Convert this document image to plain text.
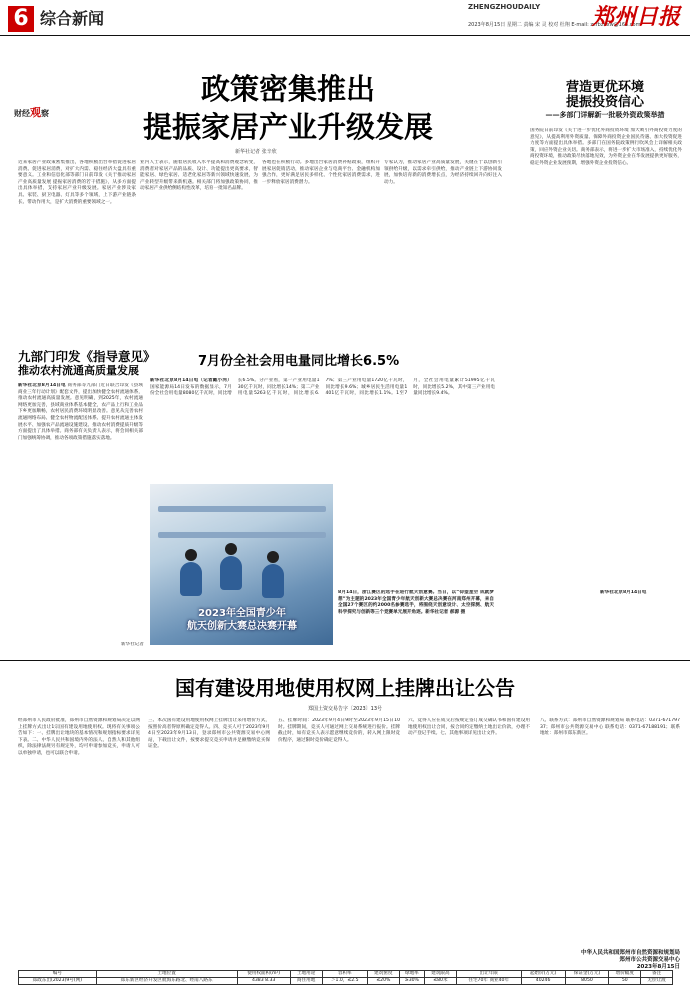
6 综合新闻
ZHENGZHOUDAILY
2023年8月15日 星期二 责编 宋 灵 校对 杜翔 E-mail: zzrbzhxw@163.com
郑州日报
财经观察
政策密集推出
提振家居产业升级发展
新华社记者 张辛欣
近来家居产业政策密集推出，各地积极出台举措促进家居消费。促进家居消费，对扩大内需、稳住经济大盘具有重要意义。工业和信息化部等部门日前印发《关于推动家居产业高质量发展 提振家居消费的若干措施》，从多方面提出具体举措，支持家居产业升级发展。家居产业涉及家具、家装、厨卫电器、灯具等多个领域，上下游产业链条长、带动作用大，是扩大消费的重要领域之一。
业内人士表示，随着居民收入水平提高和消费观念转变，消费者对家居产品的品质、设计、功能提出更高要求，智能家居、绿色家居、适老化家居等新兴领域快速发展，为产业转型升级带来新机遇。相关部门将加强政策协同，推动家居产业供给侧结构性改革，培育一批知名品牌。
各地也在积极行动。多地出台家居消费补贴政策，组织开展家居促销活动，推动家居企业与电商平台、金融机构加强合作，更好满足居民多样化、个性化家居消费需求，进一步释放家居消费潜力。
专家认为，推动家居产业高质量发展，关键在于以创新引领供给升级，以需求牵引供给，推动产业链上下游协同发展，加快培育新的消费增长点，为经济持续回升向好注入动力。
营造更优环境
提振投资信心
——多部门详解新一批吸外资政策举措
国务院日前印发《关于进一步优化外商投资环境 加大吸引外商投资力度的意见》，从提高利用外资质量、保障外商投资企业国民待遇、加大投资促进力度等方面提出具体举措。多部门在国务院政策例行吹风会上详解相关政策，回应外资企业关切。商务部表示，将进一步扩大市场准入，持续优化外商投资环境，推动政策尽快落地见效，为外资企业在华发展提供更好服务，稳定外资企业发展预期，增强外资企业投资信心。
新华社北京8月14日电
九部门印发《指导意见》
推动农村流通高质量发展
新华社北京8月14日电 商务部等九部门近日联合印发《县域商业三年行动计划》配套文件，提出加快健全农村流通体系，推动农村流通高质量发展。意见明确，到2025年，农村流通网络更加完善，县域商业体系基本健全，农产品上行和工业品下乡更加顺畅，农村居民消费环境明显改善。意见从完善农村流通网络布局、健全农村物流配送体系、提升农村流通主体发展水平、加强农产品流通设施建设、推动农村消费提质升级等方面提出了具体举措。商务部有关负责人表示，将会同相关部门加强统筹协调，推动各项政策措施落实落地。
新华社记者
7月份全社会用电量同比增长6.5%
新华社北京8月14日电（记者戴小河）国家能源局14日发布的数据显示，7月份全社会用电量8080亿千瓦时，同比增长6.5%。分产业看，第一产业用电量130亿千瓦时，同比增长14%；第二产业用电量5263亿千瓦时，同比增长6.7%；第三产业用电量1720亿千瓦时，同比增长9.6%；城乡居民生活用电量1401亿千瓦时，同比增长1.1%。1至7月，全社会用电量累计51995亿千瓦时，同比增长5.2%，其中第三产业用电量同比增长9.4%。
2023年全国青少年
航天创新大赛总决赛开幕
8月14日，浙江赛区的选手在进行航天创意赛。当日，以“仰望星空 成就梦想”为主题的2023年全国青少年航天创新大赛总决赛在河南郑州开幕，来自全国27个赛区的约2000名参赛选手，将围绕天创意设计、太空探测、航天科学探究与创新等三个竞赛单元展开角逐。新华社记者 郝源 摄
国有建设用地使用权网上挂牌出让公告
郑国土资交易告字〔2023〕13号
经郑州市人民政府批准，郑州市自然资源和规划局决定以网上挂牌方式出让1宗国有建设用地使用权。现将有关事项公告如下：一、挂牌出让地块的基本情况和规划指标要求详见下表。二、中华人民共和国境内外的法人、自然人和其他组织，除法律法规另有规定外，均可申请参加竞买，申请人可以单独申请，也可以联合申请。
三、本次国有建设用地使用权网上挂牌出让采用增价方式，按照价高者得原则确定竞得人。四、竞买人可于2023年9月4日至2023年9月13日，登录郑州市公共资源交易中心网站，下载出让文件，按要求提交竞买申请并足额缴纳竞买保证金。
五、挂牌时间：2023年9月4日9时至2023年9月15日10时。挂牌期间，竞买人可通过网上交易系统进行报价。挂牌截止时，如有竞买人表示愿意继续竞价的，转入网上限时竞价程序，通过限时竞价确定竞得人。
六、竞得人应在成交后按规定签订成交确认书和国有建设用地使用权出让合同，按合同约定缴纳土地出让价款，办理不动产登记手续。七、其他事项详见出让文件。
八、联系方式：郑州市自然资源和规划局 联系电话：0371-67179737；郑州市公共资源交易中心 联系电话：0371-67188191；联系地址：郑州市郑东新区。
中华人民共和国郑州市自然资源和规划局
郑州市公共资源交易中心
2023年8月15日
编号	土地位置	使用权面积(m²)	土地用途	容积率	建筑密度	绿地率	建筑限高	出让年限	起始价(万元)	保证金(万元)	增价幅度	备注
郑政东出(2023)9号(网)	郑东新区经济开发区航海东路北、经南八路东	4383 8.33	商住用地	＞1.0，≤2.5	≤20%	≥30%	≤80米	住宅70年 商业40年	40246	8050	50	无偿让渡
